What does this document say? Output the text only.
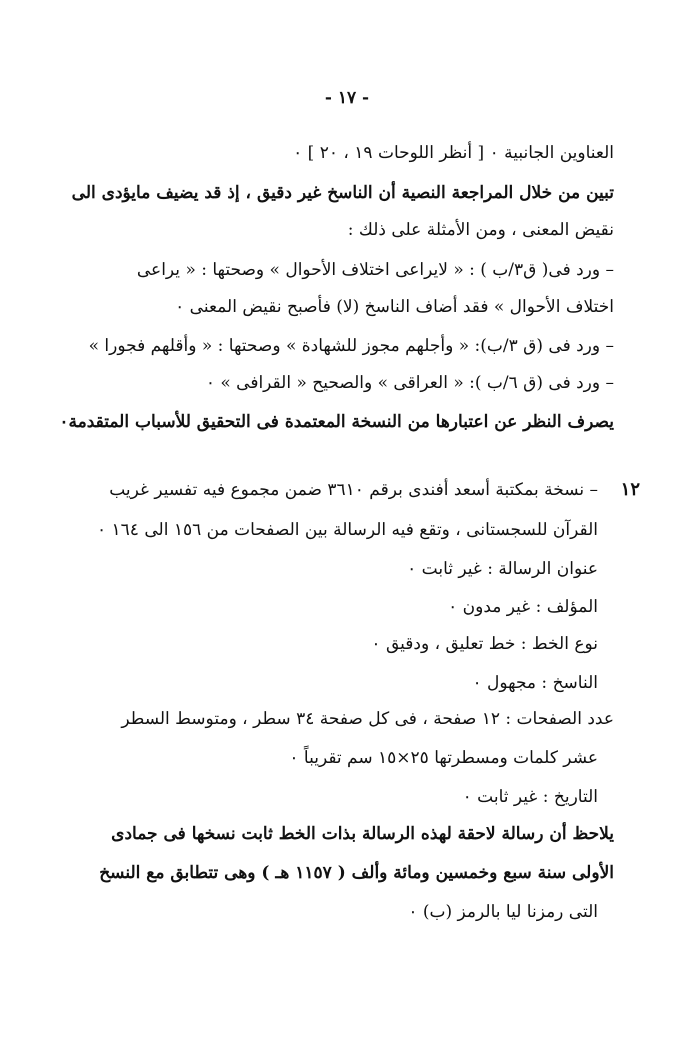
- ١٧ -
العناوين الجانبية ٠ [ أنظر اللوحات ١٩ ، ٢٠ ] ٠
تبين من خلال المراجعة النصية أن الناسخ غير دقيق ، إذ قد يضيف مايؤدى الى
نقيض المعنى ، ومن الأمثلة على ذلك :
– ورد فى( ق٣/ب ) : « لايراعى اختلاف الأحوال » وصحتها : « يراعى
اختلاف الأحوال » فقد أضاف الناسخ (لا) فأصبح نقيض المعنى ٠
– ورد فى (ق ٣/ب): « وأجلهم مجوز للشهادة » وصحتها : « وأقلهم فجورا »
– ورد فى (ق ٦/ب ): « العراقى » والصحيح « القرافى » ٠
يصرف النظر عن اعتبارها من النسخة المعتمدة فى التحقيق للأسباب المتقدمة٠
١٢
– نسخة بمكتبة أسعد أفندى برقم ٣٦١٠ ضمن مجموع فيه تفسير غريب
القرآن للسجستانى ، وتقع فيه الرسالة بين الصفحات من ١٥٦ الى ١٦٤ ٠
عنوان الرسالة : غير ثابت ٠
المؤلف : غير مدون ٠
نوع الخط : خط تعليق ، ودقيق ٠
الناسخ : مجهول ٠
عدد الصفحات : ١٢ صفحة ، فى كل صفحة ٣٤ سطر ، ومتوسط السطر
عشر كلمات ومسطرتها ٢٥×١٥ سم تقريباً ٠
التاريخ : غير ثابت ٠
يلاحظ أن رسالة لاحقة لهذه الرسالة بذات الخط ثابت نسخها فى جمادى
الأولى سنة سبع وخمسين ومائة وألف ( ١١٥٧ هـ ) وهى تتطابق مع النسخ
التى رمزنا ليا بالرمز (ب) ٠
